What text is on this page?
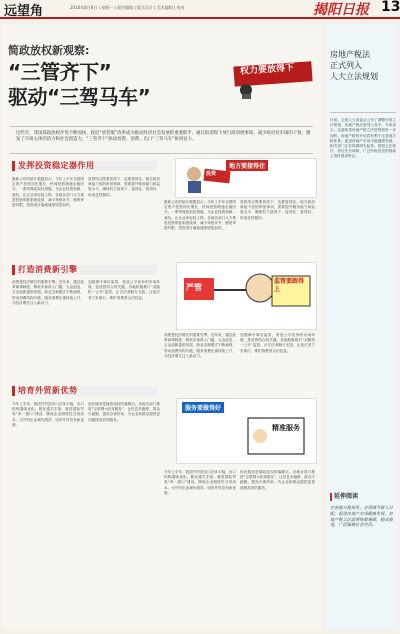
远望角	2016年8月8日 | 星期一 | 责任编辑 | 版式设计 | 美术编辑 | 校对	揭阳日报 13
简政放权新观察:
“三管齐下”
驱动“三驾马车”
权力要放得下
这些年，我国简政放权步伐不断加快，政府“放管服”改革成为推动经济社会发展的重要抓手。通过取消和下放行政审批事项、减少政府对市场的干预，激发了市场主体的活力和社会创造力，“三管齐下”驱动投资、消费、出口“三驾马车”协同发力。
发挥投资稳定器作用
最新公布的统计数据显示，今年上半年全国固定资产投资同比增长，民间投资增速企稳回升。一系列简政放权措施，为企业投资松绑、减负，让企业家轻装上阵。各地各部门大力推进投资审批制度改革，减少审批环节，缩短审批时限，投资项目落地速度明显加快。
放管结合既要放得下，也要管得住。地方政府承接下放的审批事项，需要提升服务能力和监管水平，确保权力放得下、接得住、管得好，形成良性循环。
最新公布的统计数据显示，今年上半年全国固定资产投资同比增长，民间投资增速企稳回升。一系列简政放权措施，为企业投资松绑、减负，让企业家轻装上阵。各地各部门大力推进投资审批制度改革，减少审批环节，缩短审批时限，投资项目落地速度明显加快。
放管结合既要放得下，也要管得住。地方政府承接下放的审批事项，需要提升服务能力和监管水平，确保权力放得下、接得住、管得好，形成良性循环。
地方要接得住
投资
打造消费新引擎
消费是经济增长的重要引擎。近年来，通过改革商事制度，降低市场准入门槛，大众创业、万众创新蓬勃发展，新业态新模式不断涌现，带动消费结构升级，服务消费比重持续上升，为经济增长注入新动力。
加强事中事后监管，营造公平竞争的市场环境，是放管结合的关键。各地积极推行“双随机一公开”监管，让守法者畅行无阻，让违法者寸步难行，维护消费者合法权益。
消费是经济增长的重要引擎。近年来，通过改革商事制度，降低市场准入门槛，大众创业、万众创新蓬勃发展，新业态新模式不断涌现，带动消费结构升级，服务消费比重持续上升，为经济增长注入新动力。
加强事中事后监管，营造公平竞争的市场环境，是放管结合的关键。各地积极推行“双随机一公开”监管，让守法者畅行无阻，让违法者寸步难行，维护消费者合法权益。
严管
监管要跟得上
培育外贸新优势
今年上半年，我国外贸进出口总体平稳，出口结构继续优化。简化通关手续，推进国际贸易“单一窗口”建设，降低企业制度性交易成本，为外贸企业减负增效，培育外贸竞争新优势。
优化服务是简政放权的落脚点。各地各部门推进“互联网+政务服务”，让信息多跑路、群众少跑腿，提高办事效率，为企业和群众提供更加便捷高效的服务。
今年上半年，我国外贸进出口总体平稳，出口结构继续优化。简化通关手续，推进国际贸易“单一窗口”建设，降低企业制度性交易成本，为外贸企业减负增效，培育外贸竞争新优势。
优化服务是简政放权的落脚点。各地各部门推进“互联网+政务服务”，让信息多跑路、群众少跑腿，提高办事效率，为企业和群众提供更加便捷高效的服务。
服务要做得好
精准服务
房地产税法
正式列入
人大立法规划
日前，全国人大常委会公布了调整后的立法规划，房地产税法被列入其中。专家表示，这意味着房地产税立法进程将进一步加快。房地产税的开征将有利于完善地方税体系，促进房地产市场平稳健康发展。相关部门正在抓紧研究起草，按照立法程序，将在充分调研、广泛听取意见的基础上适时提请审议。
延伸阅读
完善地方税体系、合理调节收入分配、促进房地产市场健康发展，房地产税立法需要统筹兼顾，稳妥推进，广泛凝聚社会共识。
